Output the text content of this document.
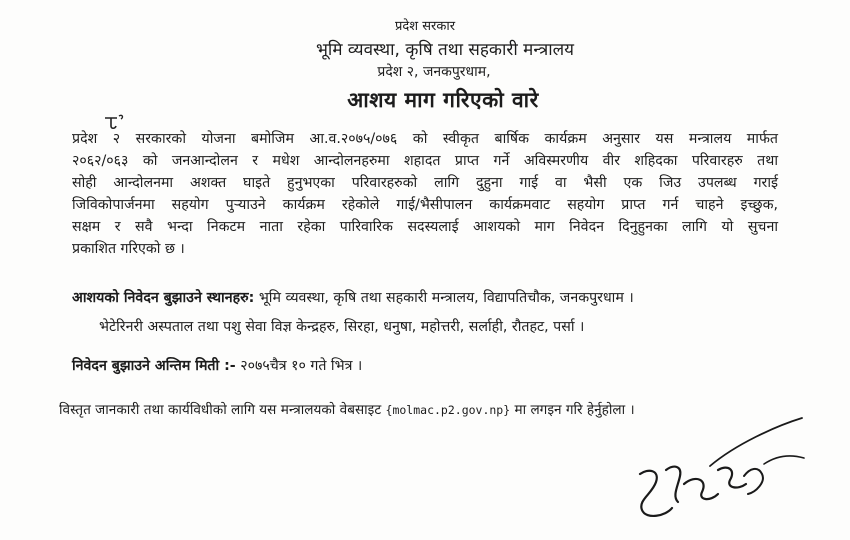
प्रदेश सरकार
भूमि व्यवस्था, कृषि तथा सहकारी मन्त्रालय
प्रदेश २, जनकपुरधाम,
आशय माग गरिएको वारे
प्रदेश २ सरकारको योजना बमोजिम आ.व.२०७५/०७६ को स्वीकृत बार्षिक कार्यक्रम अनुसार यस मन्त्रालय मार्फत
२०६२/०६३ को जनआन्दोलन र मधेश आन्दोलनहरुमा शहादत प्राप्त गर्ने अविस्मरणीय वीर शहिदका परिवारहरु तथा
सोही आन्दोलनमा अशक्त घाइते हुनुभएका परिवारहरुको लागि दुहुना गाई वा भैसी एक जिउ उपलब्ध गराई
जिविकोपार्जनमा सहयोग पुर्‍याउने कार्यक्रम रहेकोले गाई/भैसीपालन कार्यक्रमवाट सहयोग प्राप्त गर्न चाहने इच्छुक,
सक्षम र सवै भन्दा निकटम नाता रहेका पारिवारिक सदस्यलाई आशयको माग निवेदन दिनुहुनका लागि यो सुचना
प्रकाशित गरिएको छ ।
आशयको निवेदन बुझाउने स्थानहरु: भूमि व्यवस्था, कृषि तथा सहकारी मन्त्रालय, विद्यापतिचौक, जनकपुरधाम ।
भेटेरिनरी अस्पताल तथा पशु सेवा विज्ञ केन्द्रहरु, सिरहा, धनुषा, महोत्तरी, सर्लाही, रौतहट, पर्सा ।
निवेदन बुझाउने अन्तिम मिती :- २०७५चैत्र १० गते भित्र ।
विस्तृत जानकारी तथा कार्यविधीको लागि यस मन्त्रालयको वेबसाइट {molmac.p2.gov.np} मा लगइन गरि हेर्नुहोला ।
